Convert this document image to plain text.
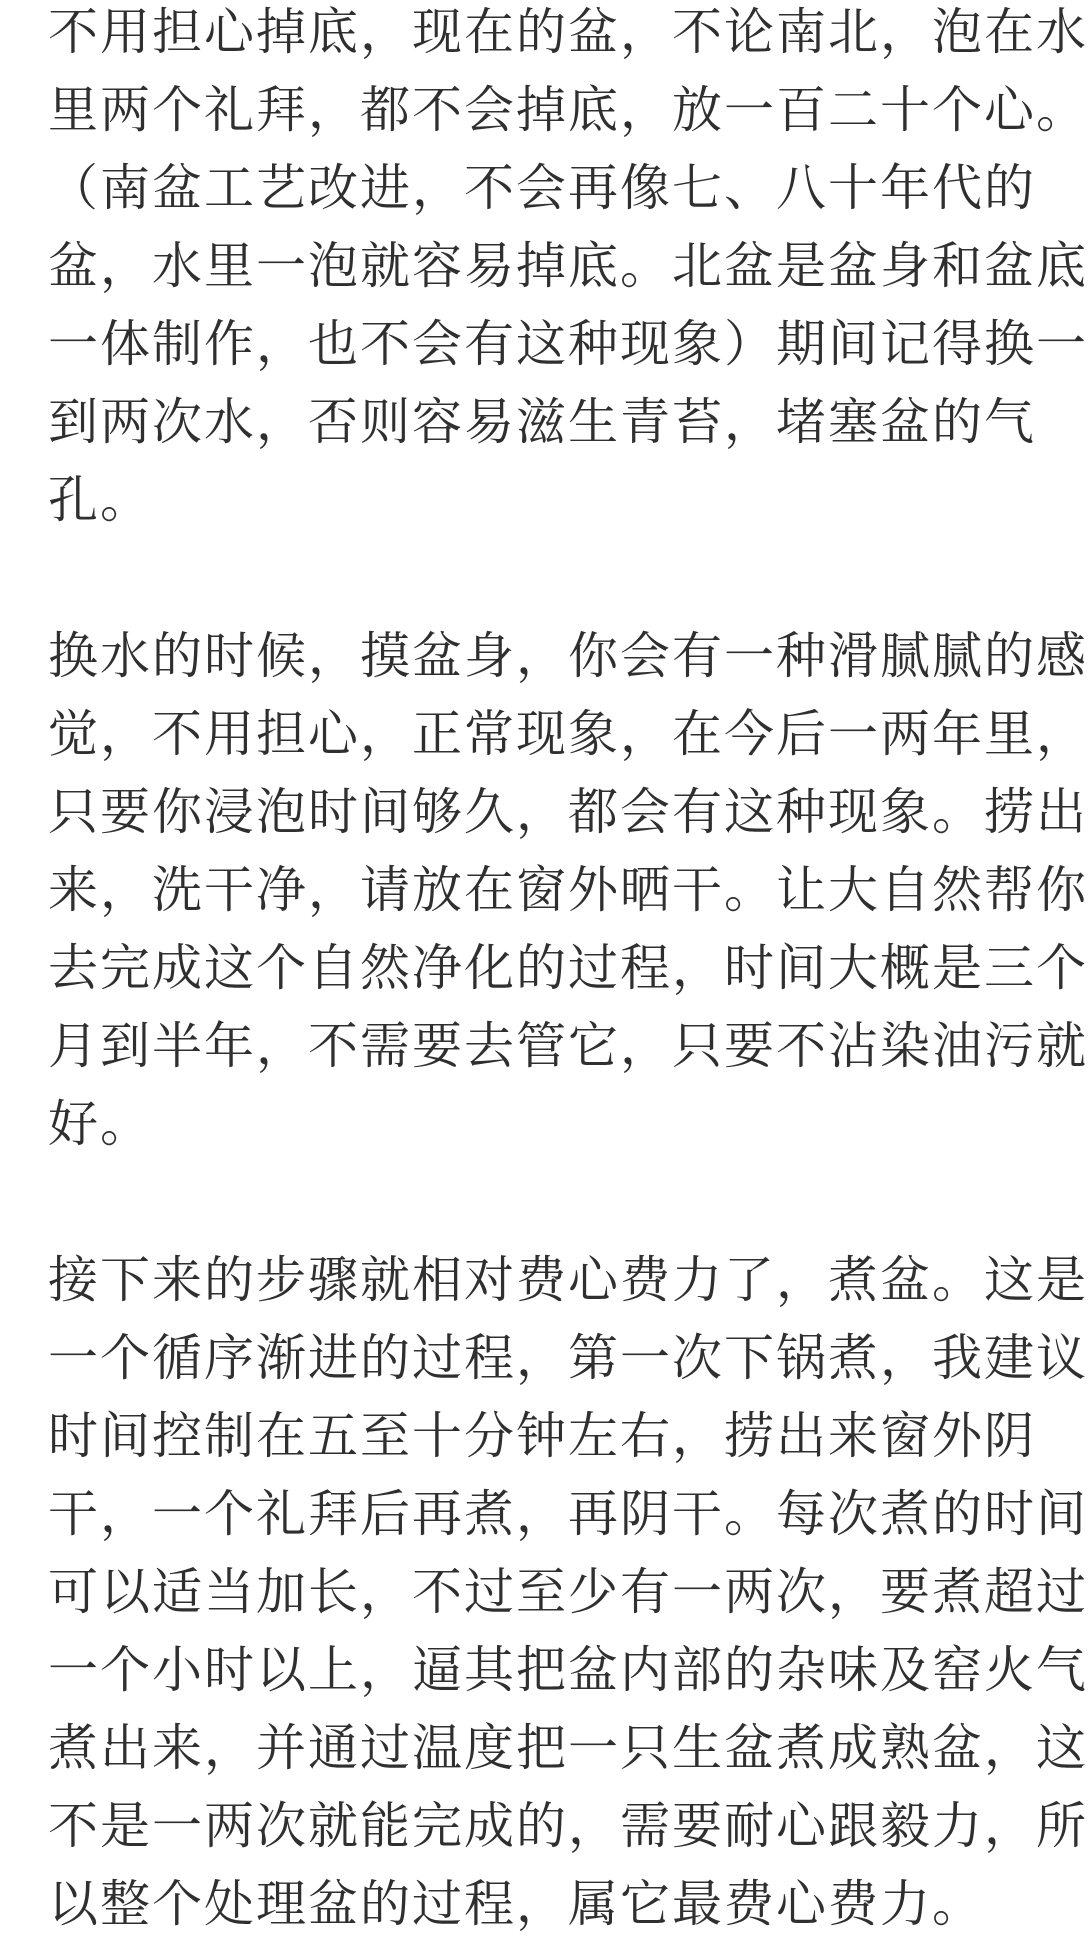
不用担心掉底，现在的盆，不论南北，泡在水
里两个礼拜，都不会掉底，放一百二十个心。
（南盆工艺改进，不会再像七、八十年代的
盆，水里一泡就容易掉底。北盆是盆身和盆底
一体制作，也不会有这种现象）期间记得换一
到两次水，否则容易滋生青苔，堵塞盆的气
孔。
换水的时候，摸盆身，你会有一种滑腻腻的感
觉，不用担心，正常现象，在今后一两年里，
只要你浸泡时间够久，都会有这种现象。捞出
来，洗干净，请放在窗外晒干。让大自然帮你
去完成这个自然净化的过程，时间大概是三个
月到半年，不需要去管它，只要不沾染油污就
好。
接下来的步骤就相对费心费力了，煮盆。这是
一个循序渐进的过程，第一次下锅煮，我建议
时间控制在五至十分钟左右，捞出来窗外阴
干，一个礼拜后再煮，再阴干。每次煮的时间
可以适当加长，不过至少有一两次，要煮超过
一个小时以上，逼其把盆内部的杂味及窑火气
煮出来，并通过温度把一只生盆煮成熟盆，这
不是一两次就能完成的，需要耐心跟毅力，所
以整个处理盆的过程，属它最费心费力。
